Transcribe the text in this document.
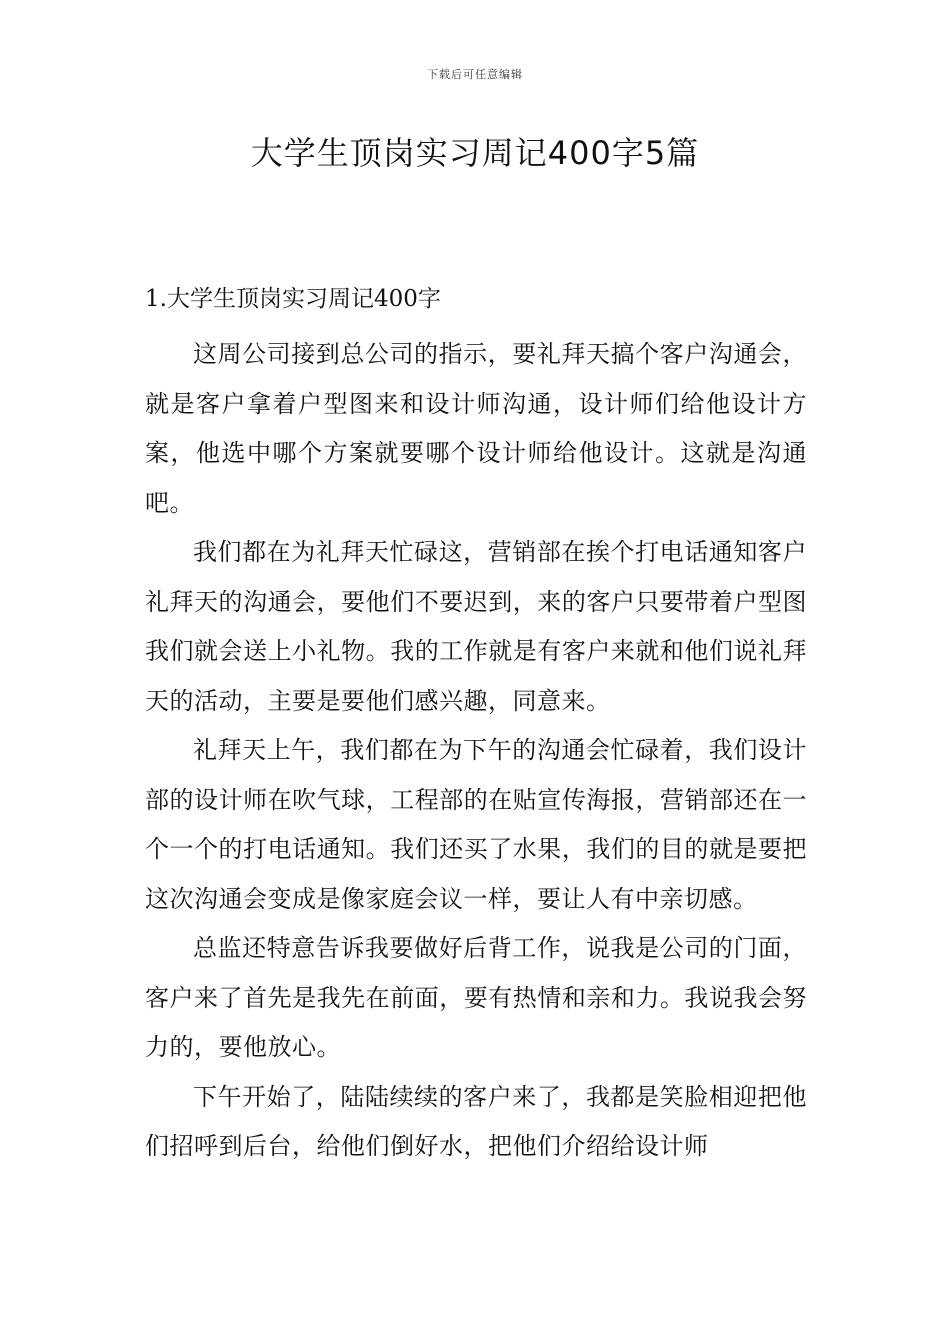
下载后可任意编辑
大学生顶岗实习周记400字5篇
1.大学生顶岗实习周记400字

这周公司接到总公司的指示，要礼拜天搞个客户沟通会，就是客户拿着户型图来和设计师沟通，设计师们给他设计方案，他选中哪个方案就要哪个设计师给他设计。这就是沟通吧。

我们都在为礼拜天忙碌这，营销部在挨个打电话通知客户礼拜天的沟通会，要他们不要迟到，来的客户只要带着户型图我们就会送上小礼物。我的工作就是有客户来就和他们说礼拜天的活动，主要是要他们感兴趣，同意来。

礼拜天上午，我们都在为下午的沟通会忙碌着，我们设计部的设计师在吹气球，工程部的在贴宣传海报，营销部还在一个一个的打电话通知。我们还买了水果，我们的目的就是要把这次沟通会变成是像家庭会议一样，要让人有中亲切感。

总监还特意告诉我要做好后背工作，说我是公司的门面，客户来了首先是我先在前面，要有热情和亲和力。我说我会努力的，要他放心。

下午开始了，陆陆续续的客户来了，我都是笑脸相迎把他们招呼到后台，给他们倒好水，把他们介绍给设计师
